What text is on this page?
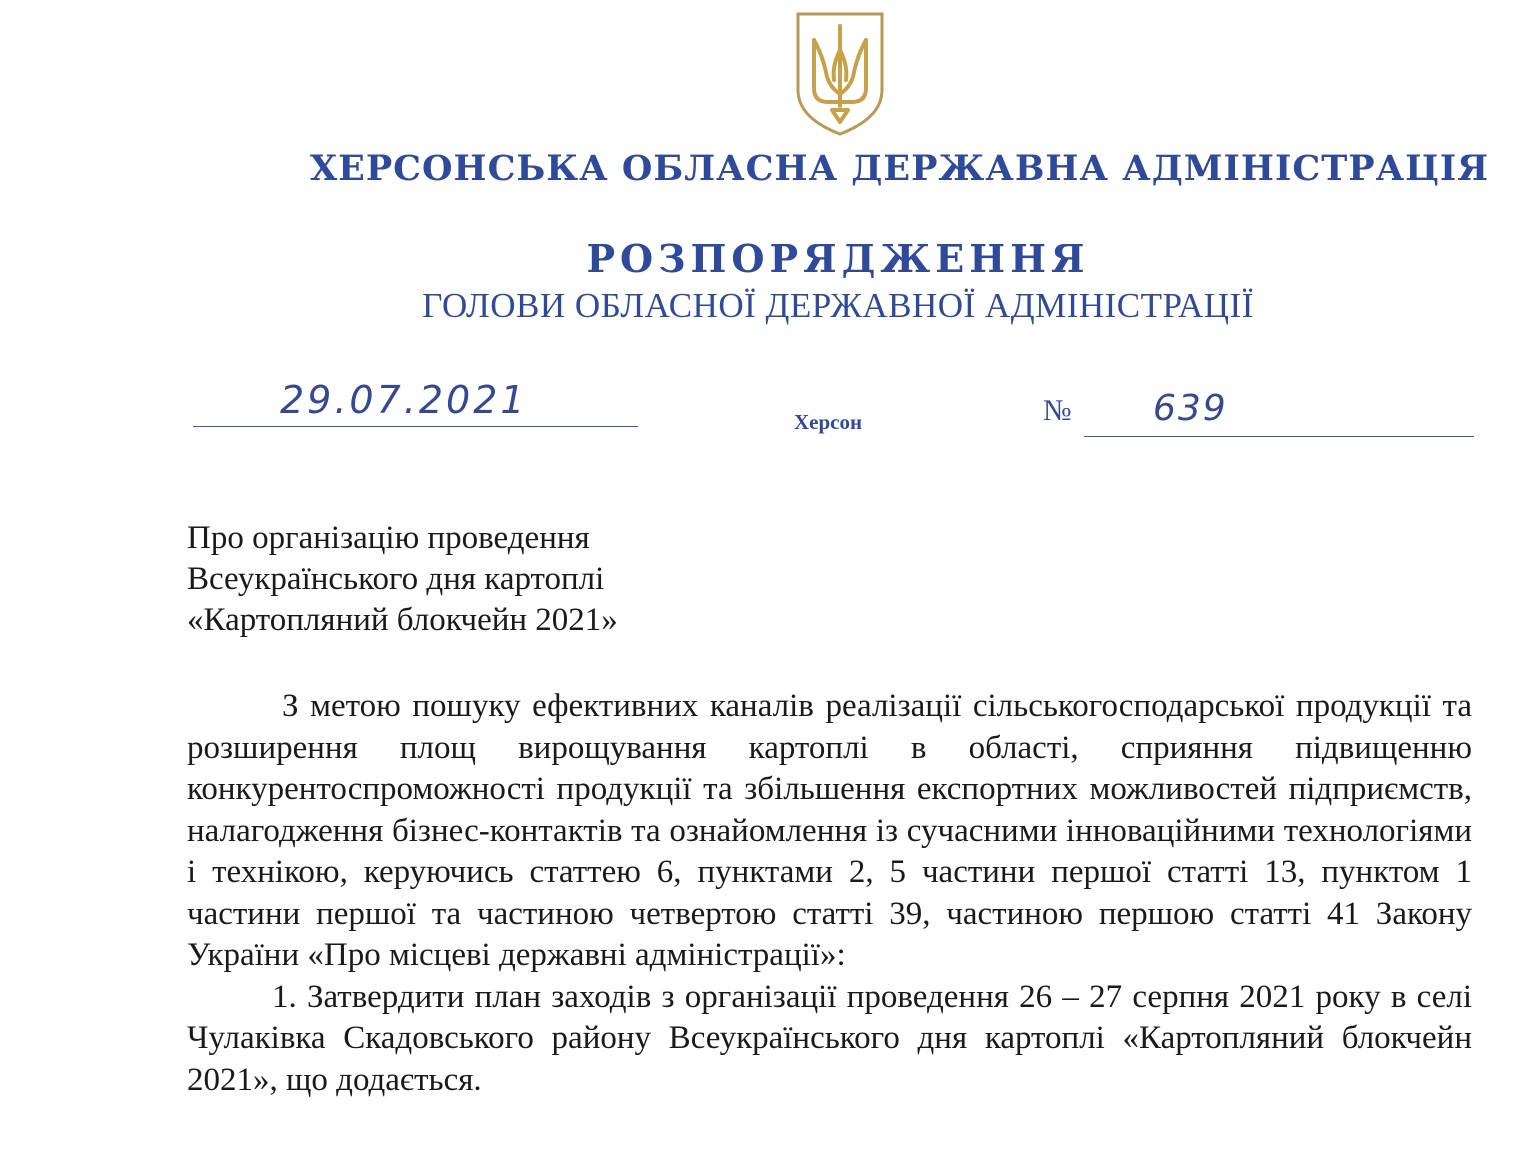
ХЕРСОНСЬКА ОБЛАСНА ДЕРЖАВНА АДМІНІСТРАЦІЯ
РОЗПОРЯДЖЕННЯ
ГОЛОВИ ОБЛАСНОЇ ДЕРЖАВНОЇ АДМІНІСТРАЦІЇ
29.07.2021	Херсон	№ 639
Про організацію проведення
Всеукраїнського дня картоплі
«Картопляний блокчейн 2021»

З метою пошуку ефективних каналів реалізації сільськогосподарської продукції та розширення площ вирощування картоплі в області, сприяння підвищенню конкурентоспроможності продукції та збільшення експортних можливостей підприємств, налагодження бізнес-контактів та ознайомлення із сучасними інноваційними технологіями і технікою, керуючись статтею 6, пунктами 2, 5 частини першої статті 13, пунктом 1 частини першої та частиною четвертою статті 39, частиною першою статті 41 Закону України «Про місцеві державні адміністрації»:

1. Затвердити план заходів з організації проведення 26 – 27 серпня 2021 року в селі Чулаківка Скадовського району Всеукраїнського дня картоплі «Картопляний блокчейн 2021», що додається.
